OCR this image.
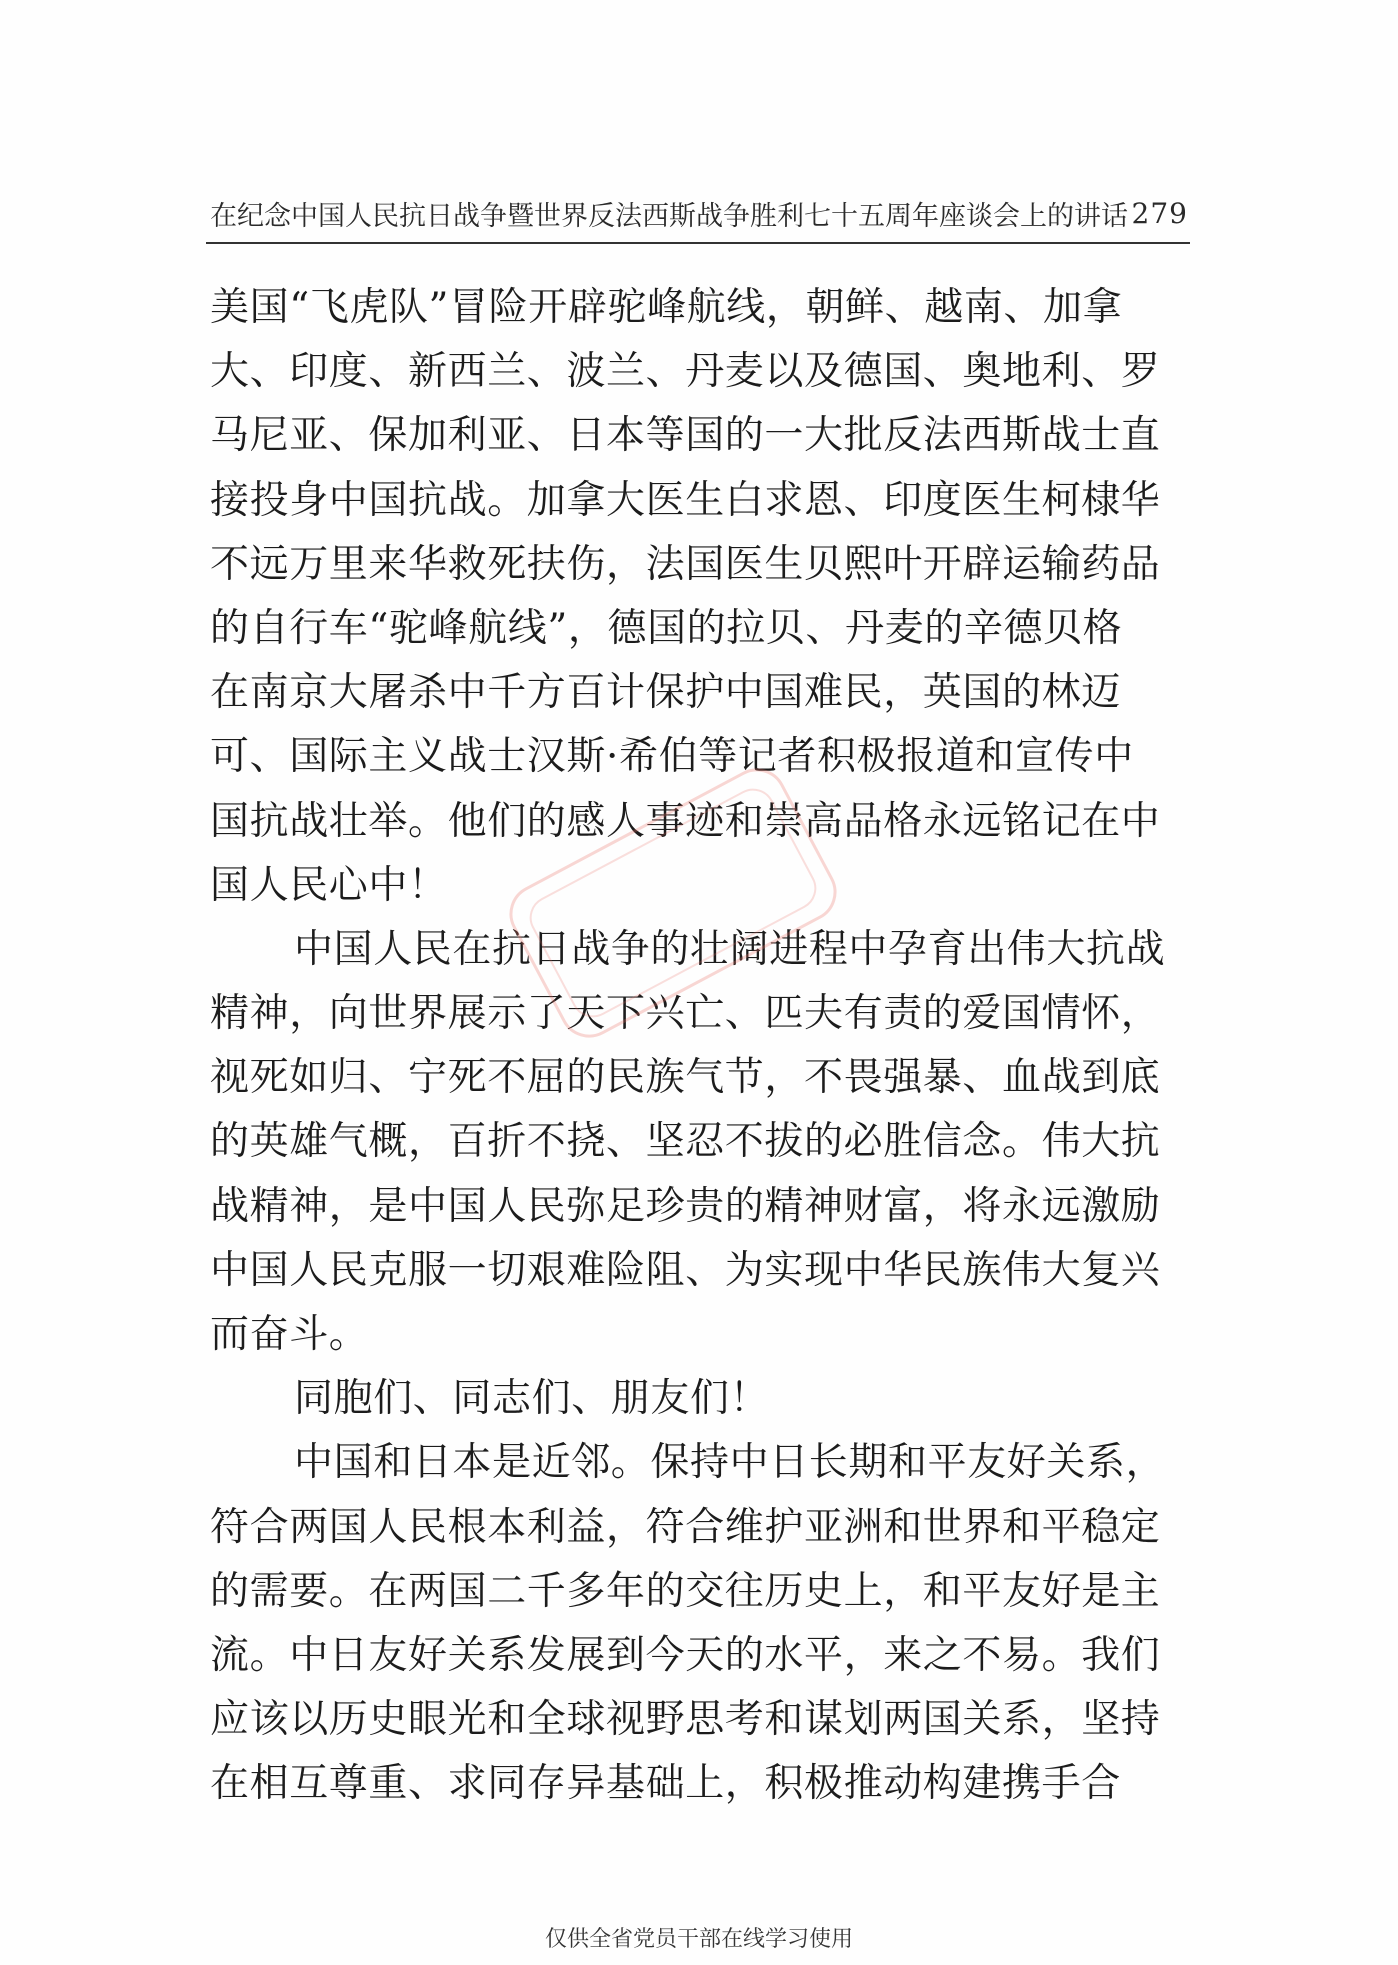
在纪念中国人民抗日战争暨世界反法西斯战争胜利七十五周年座谈会上的讲话 279
美国“飞虎队”冒险开辟驼峰航线，朝鲜、越南、加拿
大、印度、新西兰、波兰、丹麦以及德国、奥地利、罗
马尼亚、保加利亚、日本等国的一大批反法西斯战士直
接投身中国抗战。加拿大医生白求恩、印度医生柯棣华
不远万里来华救死扶伤，法国医生贝熙叶开辟运输药品
的自行车“驼峰航线”，德国的拉贝、丹麦的辛德贝格
在南京大屠杀中千方百计保护中国难民，英国的林迈
可、国际主义战士汉斯·希伯等记者积极报道和宣传中
国抗战壮举。他们的感人事迹和崇高品格永远铭记在中
国人民心中！
中国人民在抗日战争的壮阔进程中孕育出伟大抗战
精神，向世界展示了天下兴亡、匹夫有责的爱国情怀，
视死如归、宁死不屈的民族气节，不畏强暴、血战到底
的英雄气概，百折不挠、坚忍不拔的必胜信念。伟大抗
战精神，是中国人民弥足珍贵的精神财富，将永远激励
中国人民克服一切艰难险阻、为实现中华民族伟大复兴
而奋斗。
同胞们、同志们、朋友们！
中国和日本是近邻。保持中日长期和平友好关系，
符合两国人民根本利益，符合维护亚洲和世界和平稳定
的需要。在两国二千多年的交往历史上，和平友好是主
流。中日友好关系发展到今天的水平，来之不易。我们
应该以历史眼光和全球视野思考和谋划两国关系，坚持
在相互尊重、求同存异基础上，积极推动构建携手合
仅供全省党员干部在线学习使用
